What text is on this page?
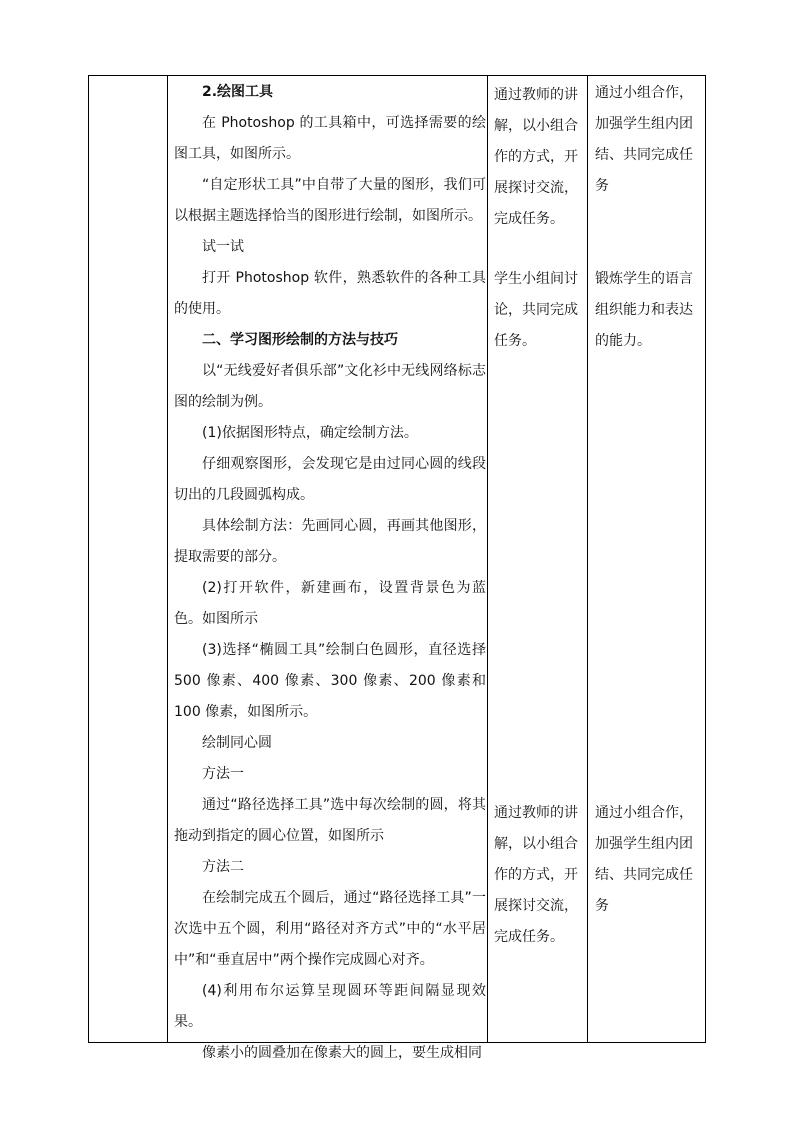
2.绘图工具

在 Photoshop 的工具箱中，可选择需要的绘图工具，如图所示。

“自定形状工具”中自带了大量的图形，我们可以根据主题选择恰当的图形进行绘制，如图所示。

试一试

打开 Photoshop 软件，熟悉软件的各种工具的使用。

二、学习图形绘制的方法与技巧

以“无线爱好者俱乐部”文化衫中无线网络标志图的绘制为例。

(1)依据图形特点，确定绘制方法。

仔细观察图形，会发现它是由过同心圆的线段切出的几段圆弧构成。

具体绘制方法：先画同心圆，再画其他图形，提取需要的部分。

(2)打开软件，新建画布，设置背景色为蓝色。如图所示

(3)选择“椭圆工具”绘制白色圆形，直径选择 500 像素、400 像素、300 像素、200 像素和 100 像素，如图所示。

绘制同心圆

方法一

通过“路径选择工具”选中每次绘制的圆，将其拖动到指定的圆心位置，如图所示

方法二

在绘制完成五个圆后，通过“路径选择工具”一次选中五个圆，利用“路径对齐方式”中的“水平居中”和“垂直居中”两个操作完成圆心对齐。

(4)利用布尔运算呈现圆环等距间隔显现效果。

像素小的圆叠加在像素大的圆上，要生成相同

通过教师的讲解，以小组合作的方式，开展探讨交流，完成任务。

学生小组间讨论，共同完成任务。

通过教师的讲解，以小组合作的方式，开展探讨交流，完成任务。

通过小组合作，加强学生组内团结、共同完成任务

锻炼学生的语言组织能力和表达的能力。

通过小组合作，加强学生组内团结、共同完成任务
